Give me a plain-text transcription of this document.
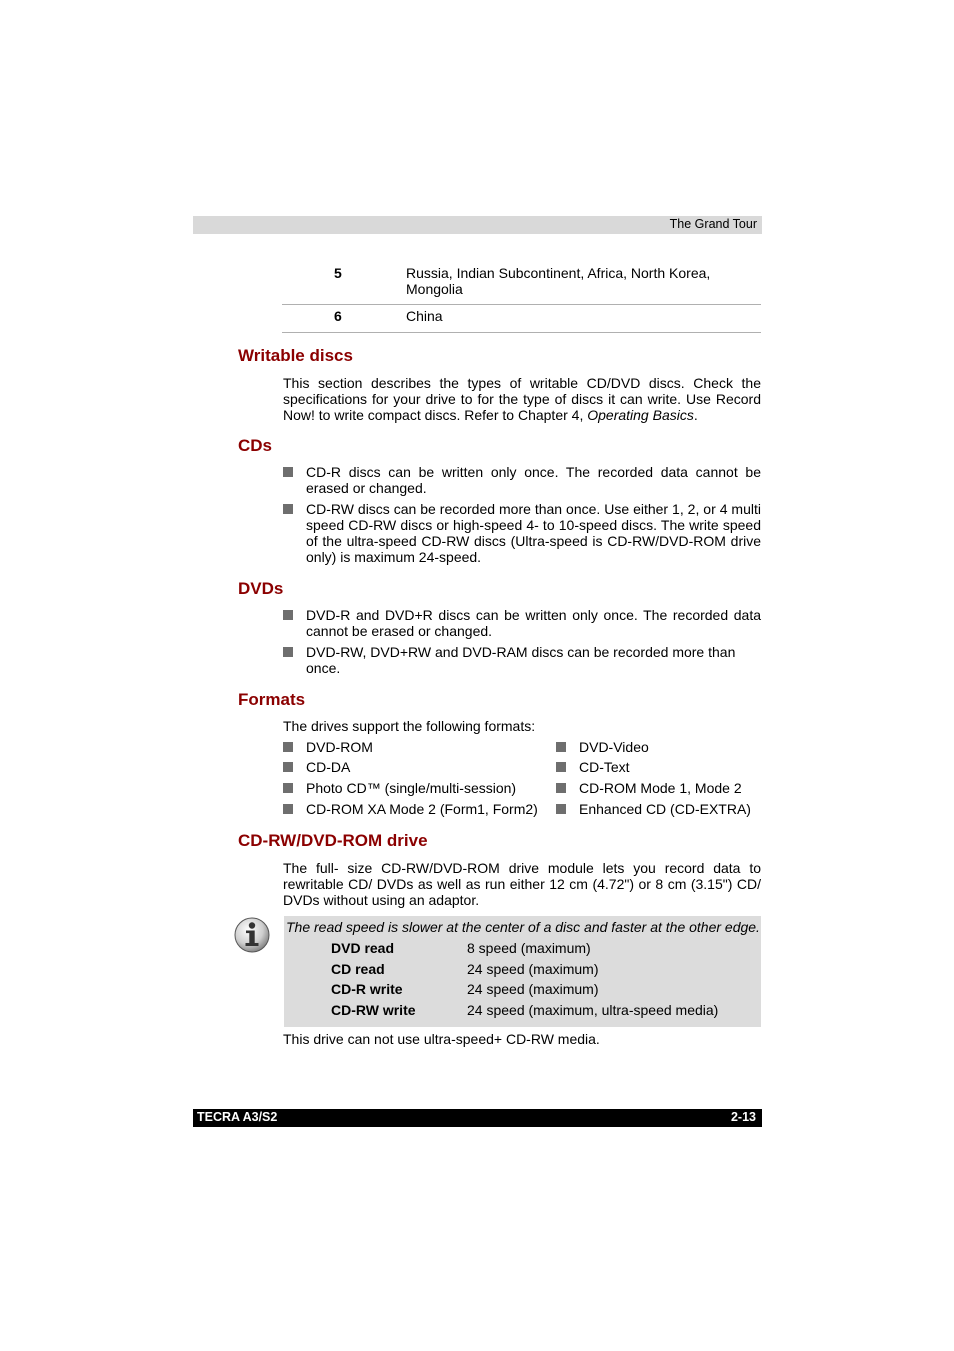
The Grand Tour
5	Russia, Indian Subcontinent, Africa, North Korea, Mongolia
6	China
Writable discs
This section describes the types of writable CD/DVD discs. Check the specifications for your drive to for the type of discs it can write. Use Record Now! to write compact discs. Refer to Chapter 4, Operating Basics.
CDs
CD-R discs can be written only once. The recorded data cannot be erased or changed.
CD-RW discs can be recorded more than once. Use either 1, 2, or 4 multi speed CD-RW discs or high-speed 4- to 10-speed discs. The write speed of the ultra-speed CD-RW discs (Ultra-speed is CD-RW/DVD-ROM drive only) is maximum 24-speed.
DVDs
DVD-R and DVD+R discs can be written only once. The recorded data cannot be erased or changed.
DVD-RW, DVD+RW and DVD-RAM discs can be recorded more than once.
Formats
The drives support the following formats:
DVD-ROM
CD-DA
Photo CD™ (single/multi-session)
CD-ROM XA Mode 2 (Form1, Form2)
DVD-Video
CD-Text
CD-ROM Mode 1, Mode 2
Enhanced CD (CD-EXTRA)
CD-RW/DVD-ROM drive
The full- size CD-RW/DVD-ROM drive module lets you record data to rewritable CD/ DVDs as well as run either 12 cm (4.72") or 8 cm (3.15") CD/ DVDs without using an adaptor.
The read speed is slower at the center of a disc and faster at the other edge.
DVD read	8 speed (maximum)
CD read	24 speed (maximum)
CD-R write	24 speed (maximum)
CD-RW write	24 speed (maximum, ultra-speed media)
This drive can not use ultra-speed+ CD-RW media.
TECRA A3/S2	2-13
